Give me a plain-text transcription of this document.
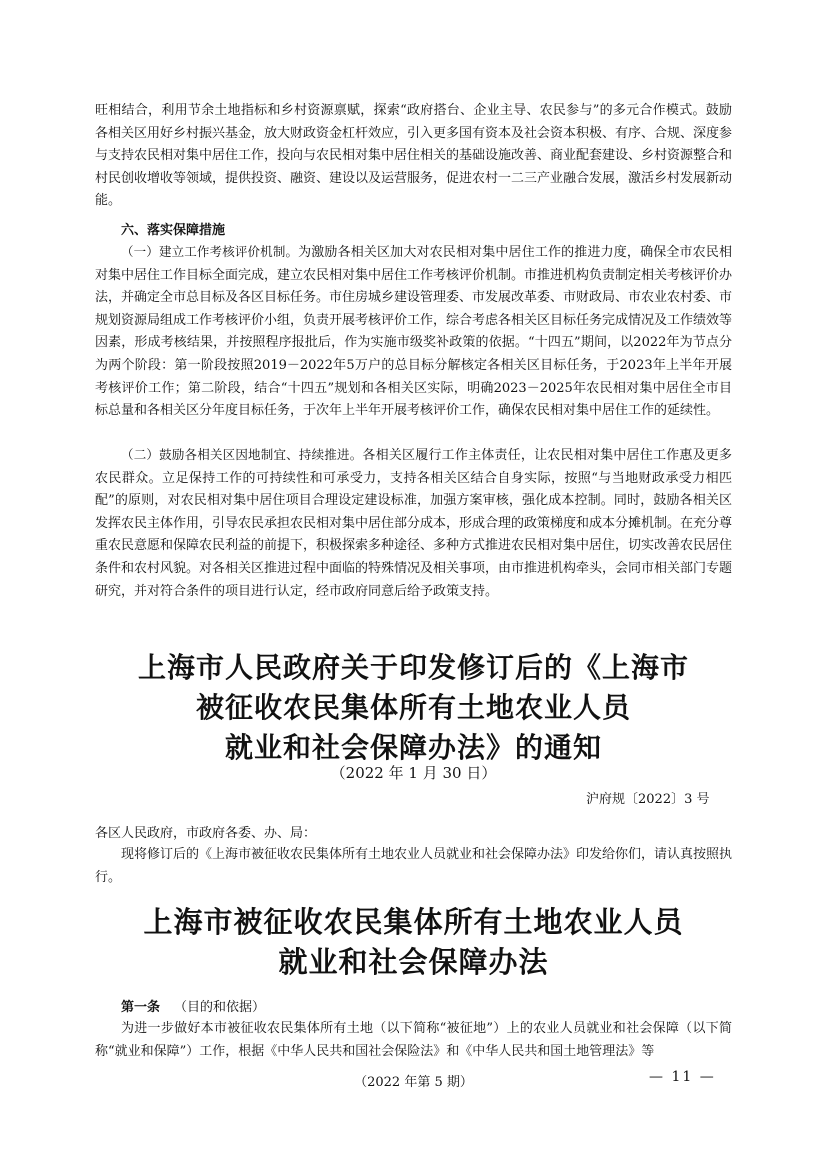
旺相结合，利用节余土地指标和乡村资源禀赋，探索“政府搭台、企业主导、农民参与”的多元合作模式。鼓励各相关区用好乡村振兴基金，放大财政资金杠杆效应，引入更多国有资本及社会资本积极、有序、合规、深度参与支持农民相对集中居住工作，投向与农民相对集中居住相关的基础设施改善、商业配套建设、乡村资源整合和村民创收增收等领域，提供投资、融资、建设以及运营服务，促进农村一二三产业融合发展，激活乡村发展新动能。

六、落实保障措施

（一）建立工作考核评价机制。为激励各相关区加大对农民相对集中居住工作的推进力度，确保全市农民相对集中居住工作目标全面完成，建立农民相对集中居住工作考核评价机制。市推进机构负责制定相关考核评价办法，并确定全市总目标及各区目标任务。市住房城乡建设管理委、市发展改革委、市财政局、市农业农村委、市规划资源局组成工作考核评价小组，负责开展考核评价工作，综合考虑各相关区目标任务完成情况及工作绩效等因素，形成考核结果，并按照程序报批后，作为实施市级奖补政策的依据。“十四五”期间，以2022年为节点分为两个阶段：第一阶段按照2019－2022年5万户的总目标分解核定各相关区目标任务，于2023年上半年开展考核评价工作；第二阶段，结合“十四五”规划和各相关区实际，明确2023－2025年农民相对集中居住全市目标总量和各相关区分年度目标任务，于次年上半年开展考核评价工作，确保农民相对集中居住工作的延续性。

（二）鼓励各相关区因地制宜、持续推进。各相关区履行工作主体责任，让农民相对集中居住工作惠及更多农民群众。立足保持工作的可持续性和可承受力，支持各相关区结合自身实际，按照“与当地财政承受力相匹配”的原则，对农民相对集中居住项目合理设定建设标准，加强方案审核，强化成本控制。同时，鼓励各相关区发挥农民主体作用，引导农民承担农民相对集中居住部分成本，形成合理的政策梯度和成本分摊机制。在充分尊重农民意愿和保障农民利益的前提下，积极探索多种途径、多种方式推进农民相对集中居住，切实改善农民居住条件和农村风貌。对各相关区推进过程中面临的特殊情况及相关事项，由市推进机构牵头，会同市相关部门专题研究，并对符合条件的项目进行认定，经市政府同意后给予政策支持。

上海市人民政府关于印发修订后的《上海市
被征收农民集体所有土地农业人员
就业和社会保障办法》的通知
（2022 年 1 月 30 日）
沪府规〔2022〕3 号
各区人民政府，市政府各委、办、局：

现将修订后的《上海市被征收农民集体所有土地农业人员就业和社会保障办法》印发给你们，请认真按照执行。

上海市被征收农民集体所有土地农业人员
就业和社会保障办法
第一条 （目的和依据）

为进一步做好本市被征收农民集体所有土地（以下简称“被征地”）上的农业人员就业和社会保障（以下简称“就业和保障”）工作，根据《中华人民共和国社会保险法》和《中华人民共和国土地管理法》等

（2022 年第 5 期）	— 11 —
